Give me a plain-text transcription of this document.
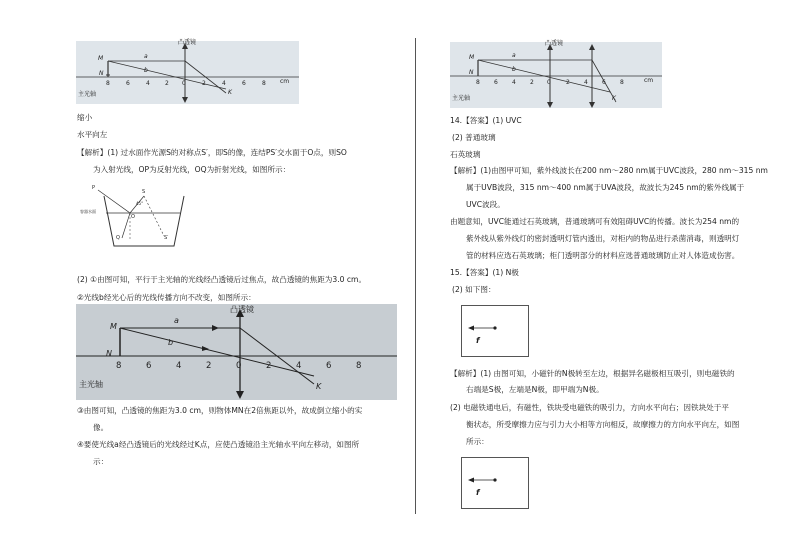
8	6	4	2 0	2	4	6	8
凸透镜
M
N
a
b
K
cm
主光轴
缩小
水平向左
【解析】(1) 过水面作光源S的对称点S′，即S的像，连结PS′交水面于O点，则SO
为入射光线，OP为反射光线，OQ为折射光线，如图所示：
P
S
O
Q	S′
容器水面
45°
(2) ①由图可知，平行于主光轴的光线经凸透镜后过焦点，故凸透镜的焦距为3.0 cm。
②光线b经光心后的光线传播方向不改变，如图所示：
8	6	4	2	0	2	4	6	8
凸透镜
M
N
a
b
K
主光轴
③由图可知，凸透镜的焦距为3.0 cm，则物体MN在2倍焦距以外，故成倒立缩小的实
像。
④要使光线a经凸透镜后的光线经过K点，应使凸透镜沿主光轴水平向左移动，如图所
示：
8 6 4 2 0	2 4 6 8
凸透镜
M
N
a
b
K
cm
主光轴
14.【答案】(1) UVC
(2) 普通玻璃
石英玻璃
【解析】(1)由图甲可知，紫外线波长在200 nm～280 nm属于UVC波段，280 nm～315 nm
属于UVB波段，315 nm～400 nm属于UVA波段，故波长为245 nm的紫外线属于
UVC波段。
由题意知，UVC能通过石英玻璃，普通玻璃可有效阻碍UVC的传播。波长为254 nm的
紫外线从紫外线灯的密封透明灯管内透出，对柜内的物品进行杀菌消毒，则透明灯
管的材料应选石英玻璃；柜门透明部分的材料应选普通玻璃防止对人体造成伤害。
15.【答案】(1) N极
(2) 如下图：
f
【解析】(1) 由图可知，小磁针的N极转至左边，根据异名磁极相互吸引，则电磁铁的
右端是S极，左端是N极，即甲端为N极。
(2) 电磁铁通电后，有磁性，铁块受电磁铁的吸引力，方向水平向右；因铁块处于平
衡状态，所受摩擦力应与引力大小相等方向相反，故摩擦力的方向水平向左，如图
所示：
f
